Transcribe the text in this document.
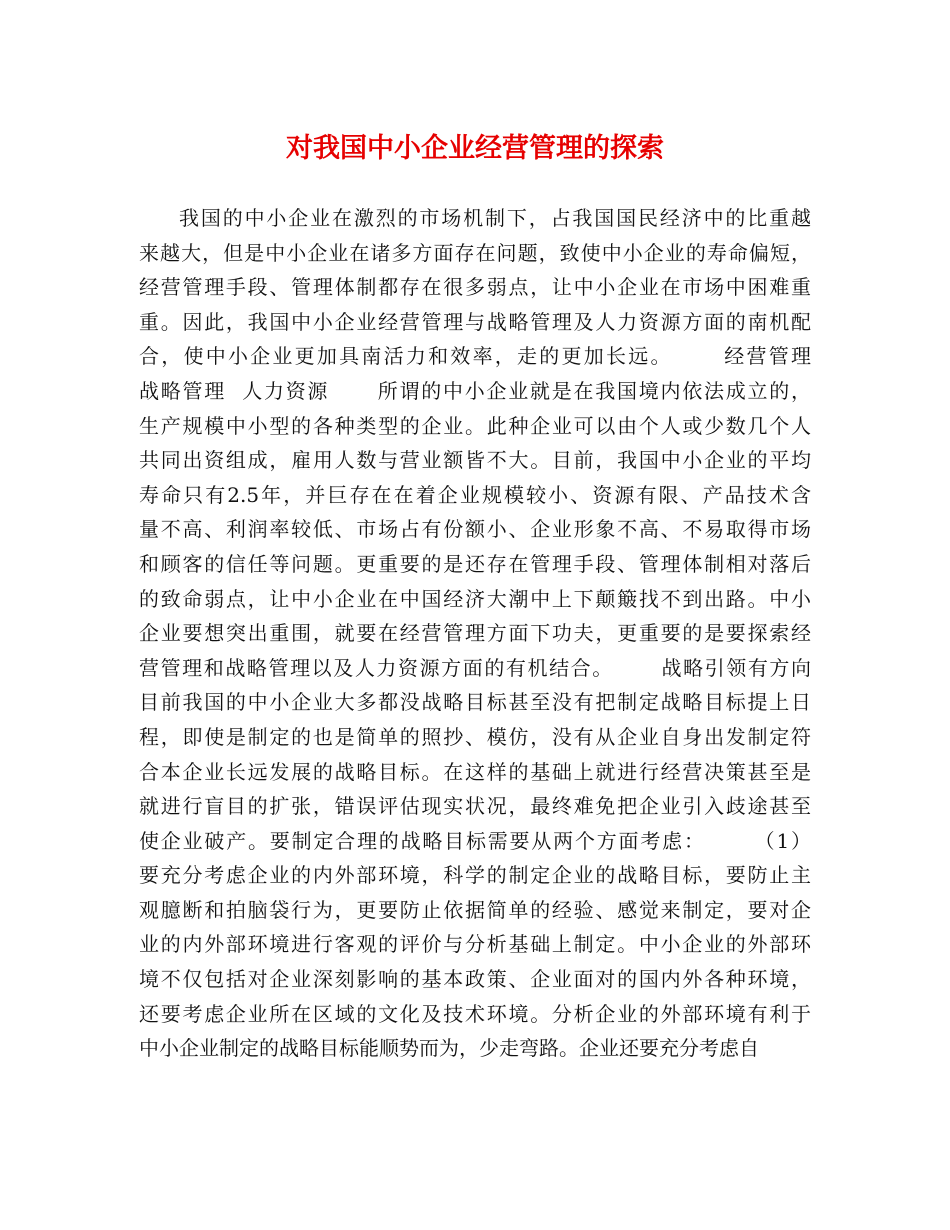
对我国中小企业经营管理的探索
我国的中小企业在激烈的市场机制下，占我国国民经济中的比重越
来越大，但是中小企业在诸多方面存在问题，致使中小企业的寿命偏短，
经营管理手段、管理体制都存在很多弱点，让中小企业在市场中困难重
重。因此，我国中小企业经营管理与战略管理及人力资源方面的南机配
合，使中小企业更加具南活力和效率，走的更加长远。      经营管理
战略管理  人力资源      所谓的中小企业就是在我国境内依法成立的，
生产规模中小型的各种类型的企业。此种企业可以由个人或少数几个人
共同出资组成，雇用人数与营业额皆不大。目前，我国中小企业的平均
寿命只有2.5年，并巨存在在着企业规模较小、资源有限、产品技术含
量不高、利润率较低、市场占有份额小、企业形象不高、不易取得市场
和顾客的信任等问题。更重要的是还存在管理手段、管理体制相对落后
的致命弱点，让中小企业在中国经济大潮中上下颠簸找不到出路。中小
企业要想突出重围，就要在经营管理方面下功夫，更重要的是要探索经
营管理和战略管理以及人力资源方面的有机结合。      战略引领有方向
目前我国的中小企业大多都没战略目标甚至没有把制定战略目标提上日
程，即使是制定的也是简单的照抄、模仿，没有从企业自身出发制定符
合本企业长远发展的战略目标。在这样的基础上就进行经营决策甚至是
就进行盲目的扩张，错误评估现实状况，最终难免把企业引入歧途甚至
使企业破产。要制定合理的战略目标需要从两个方面考虑：      （1）
要充分考虑企业的内外部环境，科学的制定企业的战略目标，要防止主
观臆断和拍脑袋行为，更要防止依据简单的经验、感觉来制定，要对企
业的内外部环境进行客观的评价与分析基础上制定。中小企业的外部环
境不仅包括对企业深刻影响的基本政策、企业面对的国内外各种环境，
还要考虑企业所在区域的文化及技术环境。分析企业的外部环境有利于
中小企业制定的战略目标能顺势而为，少走弯路。企业还要充分考虑自
